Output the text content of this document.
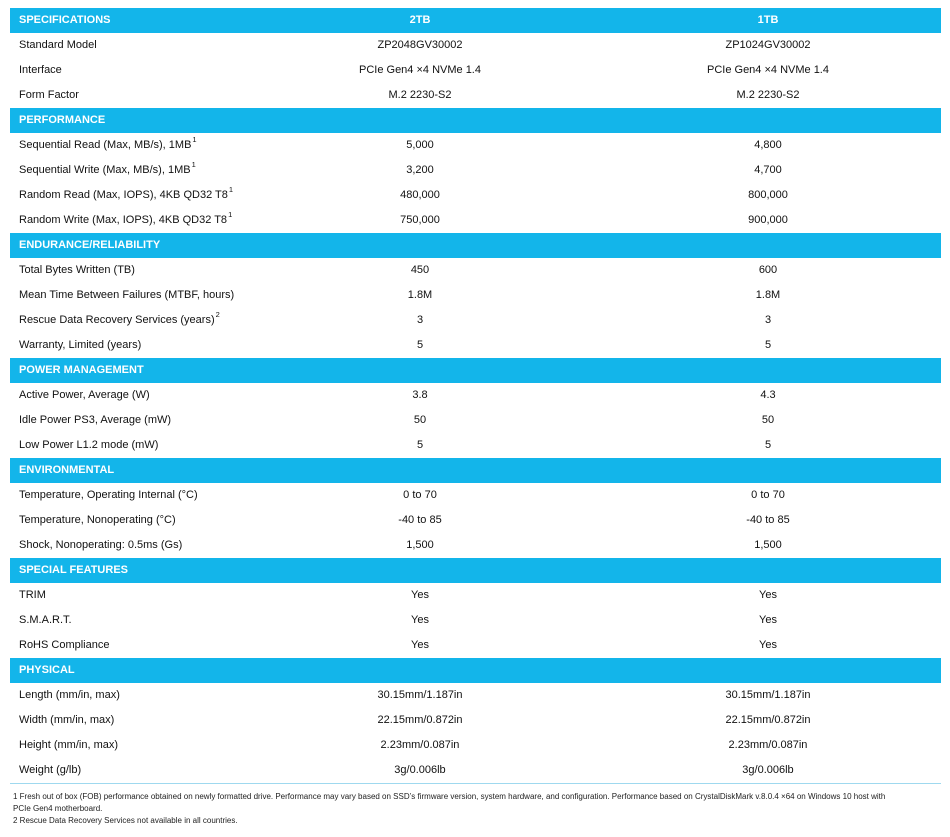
SPECIFICATIONS	2TB	1TB
Standard Model	ZP2048GV30002	ZP1024GV30002
Interface	PCIe Gen4 ×4 NVMe 1.4	PCIe Gen4 ×4 NVMe 1.4
Form Factor	M.2 2230-S2	M.2 2230-S2
PERFORMANCE
Sequential Read (Max, MB/s), $1MB^1$	5,000	4,800
Sequential Write (Max, MB/s), $1MB^1$	3,200	4,700
Random Read (Max, IOPS), 4KB QD32 $T8^1$	480,000	800,000
Random Write (Max, IOPS), 4KB QD32 $T8^1$	750,000	900,000
ENDURANCE/RELIABILITY
Total Bytes Written (TB)	450	600
Mean Time Between Failures (MTBF, hours)	1.8M	1.8M
Rescue Data Recovery Services (years)$^2$	3	3
Warranty, Limited (years)	5	5
POWER MANAGEMENT
Active Power, Average (W)	3.8	4.3
Idle Power PS3, Average (mW)	50	50
Low Power L1.2 mode (mW)	5	5
ENVIRONMENTAL
Temperature, Operating Internal (°C)	0 to 70	0 to 70
Temperature, Nonoperating (°C)	-40 to 85	-40 to 85
Shock, Nonoperating: 0.5ms (Gs)	1,500	1,500
SPECIAL FEATURES
TRIM	Yes	Yes
S.M.A.R.T.	Yes	Yes
RoHS Compliance	Yes	Yes
PHYSICAL
Length (mm/in, max)	30.15mm/1.187in	30.15mm/1.187in
Width (mm/in, max)	22.15mm/0.872in	22.15mm/0.872in
Height (mm/in, max)	2.23mm/0.087in	2.23mm/0.087in
Weight (g/lb)	3g/0.006lb	3g/0.006lb
1 Fresh out of box (FOB) performance obtained on newly formatted drive. Performance may vary based on SSD’s firmware version, system hardware, and configuration. Performance based on CrystalDiskMark v.8.0.4 ×64 on Windows 10 host with
PCIe Gen4 motherboard.
2 Rescue Data Recovery Services not available in all countries.
